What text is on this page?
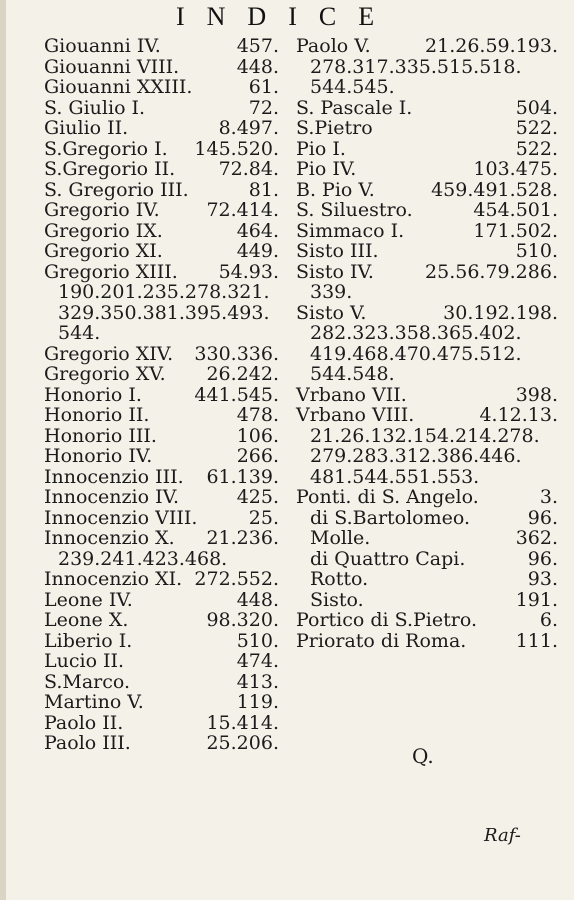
INDICE
Giouanni IV.	457.
Giouanni VIII.	448.
Giouanni XXIII.	61.
S. Giulio I.	72.
Giulio II.	8.497.
S.Gregorio I. 145.520.
S.Gregorio II. 72.84.
S. Gregorio III.	81.
Gregorio IV. 72.414.
Gregorio IX.	464.
Gregorio XI.	449.
Gregorio XIII. 54.93.
190.201.235.278.321.
329.350.381.395.493.
544.
Gregorio XIV. 330.336.
Gregorio XV. 26.242.
Honorio I.	441.545.
Honorio II.	478.
Honorio III.	106.
Honorio IV.	266.
Innocenzio III. 61.139.
Innocenzio IV.	425.
Innocenzio VIII.	25.
Innocenzio X. 21.236.
239.241.423.468.
Innocenzio XI. 272.552.
Leone IV.	448.
Leone X.	98.320.
Liberio I.	510.
Lucio II.	474.
S.Marco.	413.
Martino V.	119.
Paolo II.	15.414.
Paolo III.	25.206.
Paolo V.	21.26.59.193.
278.317.335.515.518.
544.545.
S. Pascale I.	504.
S.Pietro	522.
Pio I.	522.
Pio IV.	103.475.
B. Pio V.	459.491.528.
S. Siluestro.	454.501.
Simmaco I.	171.502.
Sisto III.	510.
Sisto IV.	25.56.79.286.
339.
Sisto V.	30.192.198.
282.323.358.365.402.
419.468.470.475.512.
544.548.
Vrbano VII.	398.
Vrbano VIII.	4.12.13.
21.26.132.154.214.278.
279.283.312.386.446.
481.544.551.553.
Ponti. di S. Angelo.	3.
di S.Bartolomeo.	96.
Molle.	362.
di Quattro Capi.	96.
Rotto.	93.
Sisto.	191.
Portico di S.Pietro.	6.
Priorato di Roma.	111.
Q.
Raf-
